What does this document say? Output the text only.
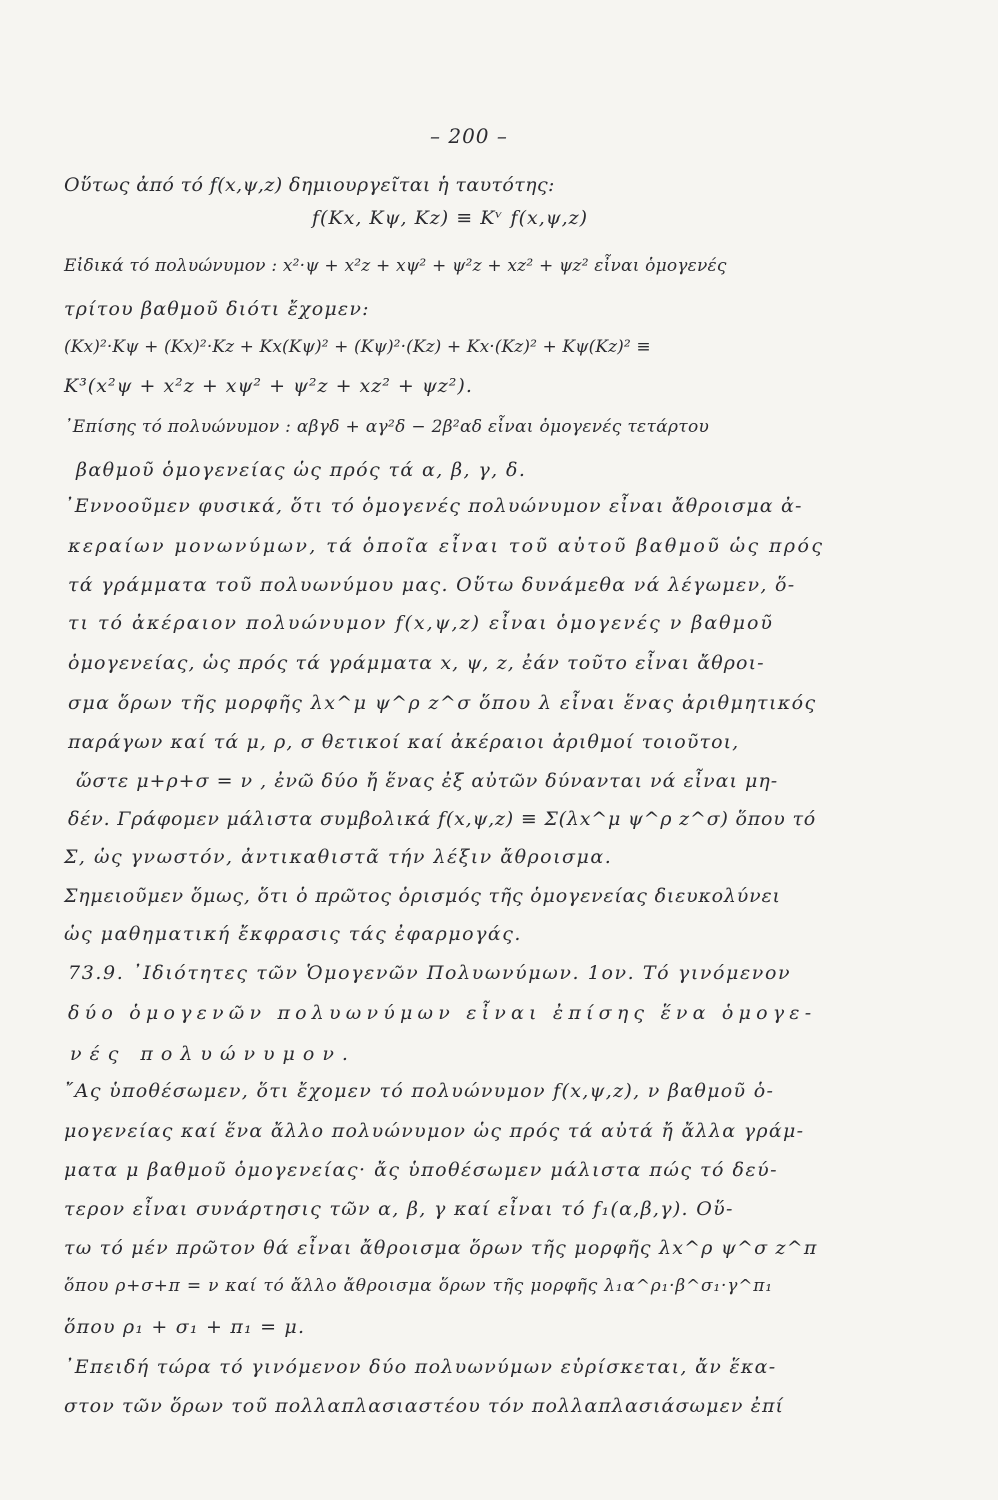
– 200 –
Οὕτως ἀπό τό f(x,ψ,z) δημιουργεῖται ἡ ταυτότης:
f(Kx, Kψ, Kz) ≡ Kᵛ f(x,ψ,z)
Εἰδικά τό πολυώνυμον : x²·ψ + x²z + xψ² + ψ²z + xz² + ψz² εἶναι ὁμογενές
τρίτου βαθμοῦ διότι ἔχομεν:
(Kx)²·Kψ + (Kx)²·Kz + Kx(Kψ)² + (Kψ)²·(Kz) + Kx·(Kz)² + Kψ(Kz)² ≡
K³(x²ψ + x²z + xψ² + ψ²z + xz² + ψz²).
᾽Επίσης τό πολυώνυμον : αβγδ + αγ²δ − 2β²αδ εἶναι ὁμογενές τετάρτου
βαθμοῦ ὁμογενείας ὡς πρός τά α, β, γ, δ.
᾽Εννοοῦμεν φυσικά, ὅτι τό ὁμογενές πολυώνυμον εἶναι ἄθροισμα ἀ-
κεραίων μονωνύμων, τά ὁποῖα εἶναι τοῦ αὐτοῦ βαθμοῦ ὡς πρός
τά γράμματα τοῦ πολυωνύμου μας. Οὕτω δυνάμεθα νά λέγωμεν, ὅ-
τι τό ἀκέραιον πολυώνυμον f(x,ψ,z) εἶναι ὁμογενές ν βαθμοῦ
ὁμογενείας, ὡς πρός τά γράμματα x, ψ, z, ἐάν τοῦτο εἶναι ἄθροι-
σμα ὅρων τῆς μορφῆς λx^μ ψ^ρ z^σ ὅπου λ εἶναι ἕνας ἀριθμητικός
παράγων καί τά μ, ρ, σ θετικοί καί ἀκέραιοι ἀριθμοί τοιοῦτοι,
ὥστε μ+ρ+σ = ν , ἐνῶ δύο ἤ ἕνας ἐξ αὐτῶν δύνανται νά εἶναι μη-
δέν. Γράφομεν μάλιστα συμβολικά f(x,ψ,z) ≡ Σ(λx^μ ψ^ρ z^σ) ὅπου τό
Σ, ὡς γνωστόν, ἀντικαθιστᾶ τήν λέξιν ἄθροισμα.
Σημειοῦμεν ὅμως, ὅτι ὁ πρῶτος ὁρισμός τῆς ὁμογενείας διευκολύνει
ὡς μαθηματική ἔκφρασις τάς ἐφαρμογάς.
73.9. ᾽Ιδιότητες τῶν Ὁμογενῶν Πολυωνύμων. 1ον. Τό γινόμενον
δύο ὁμογενῶν πολυωνύμων εἶναι ἐπίσης ἕνα ὁμογε-
νές πολυώνυμον.
῎Ας ὑποθέσωμεν, ὅτι ἔχομεν τό πολυώνυμον f(x,ψ,z), ν βαθμοῦ ὁ-
μογενείας καί ἕνα ἄλλο πολυώνυμον ὡς πρός τά αὐτά ἤ ἄλλα γράμ-
ματα μ βαθμοῦ ὁμογενείας· ἄς ὑποθέσωμεν μάλιστα πώς τό δεύ-
τερον εἶναι συνάρτησις τῶν α, β, γ καί εἶναι τό f₁(α,β,γ). Οὕ-
τω τό μέν πρῶτον θά εἶναι ἄθροισμα ὅρων τῆς μορφῆς λx^ρ ψ^σ z^π
ὅπου ρ+σ+π = ν καί τό ἄλλο ἄθροισμα ὅρων τῆς μορφῆς λ₁α^ρ₁·β^σ₁·γ^π₁
ὅπου ρ₁ + σ₁ + π₁ = μ.
᾽Επειδή τώρα τό γινόμενον δύο πολυωνύμων εὑρίσκεται, ἄν ἕκα-
στον τῶν ὅρων τοῦ πολλαπλασιαστέου τόν πολλαπλασιάσωμεν ἐπί
